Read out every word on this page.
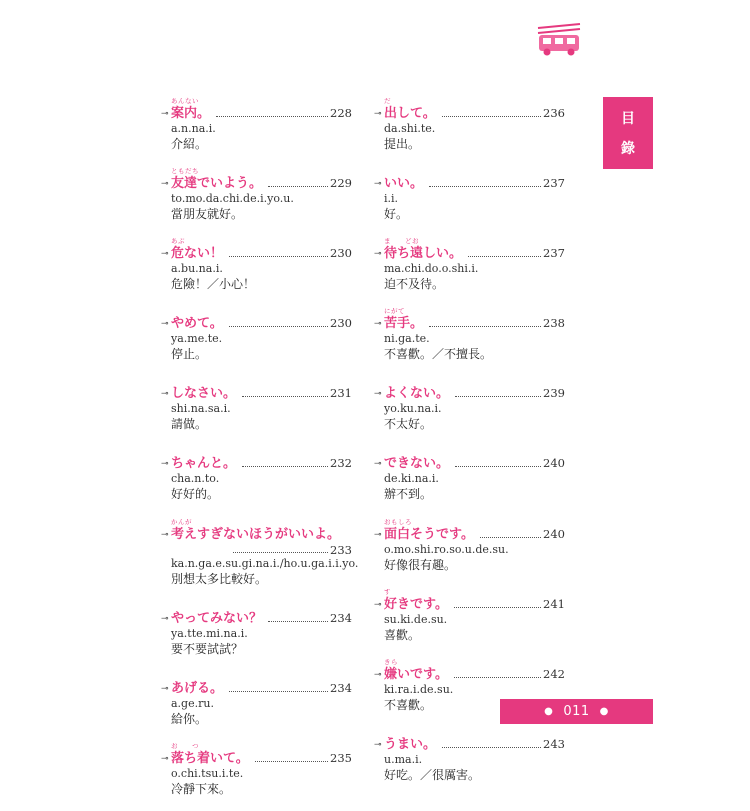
目
錄
⊸
あんない
案内。	228
a.n.na.i.
介紹。
⊸
ともだち
友達でいよう。	229
to.mo.da.chi.de.i.yo.u.
當朋友就好。
⊸
あぶ
危ない！	230
a.bu.na.i.
危險！／小心！
⊸ やめて。	230
ya.me.te.
停止。
⊸ しなさい。	231
shi.na.sa.i.
請做。
⊸ ちゃんと。	232
cha.n.to.
好好的。
⊸
かんが
考えすぎないほうがいいよ。
233
ka.n.ga.e.su.gi.na.i./ho.u.ga.i.i.yo.
別想太多比較好。
⊸ やってみない？	234
ya.tte.mi.na.i.
要不要試試？
⊸ あげる。	234
a.ge.ru.
給你。
⊸
お　　つ
落ち着いて。	235
o.chi.tsu.i.te.
冷靜下來。
⊸
だ
出して。	236
da.shi.te.
提出。
⊸ いい。	237
i.i.
好。
⊸
ま　　どお
待ち遠しい。	237
ma.chi.do.o.shi.i.
迫不及待。
⊸
にがて
苦手。	238
ni.ga.te.
不喜歡。／不擅長。
⊸ よくない。	239
yo.ku.na.i.
不太好。
⊸ できない。	240
de.ki.na.i.
辦不到。
⊸
おもしろ
面白そうです。	240
o.mo.shi.ro.so.u.de.su.
好像很有趣。
⊸
す
好きです。	241
su.ki.de.su.
喜歡。
⊸
きら
嫌いです。	242
ki.ra.i.de.su.
不喜歡。
⊸ うまい。	243
u.ma.i.
好吃。／很厲害。
● 011 ●
